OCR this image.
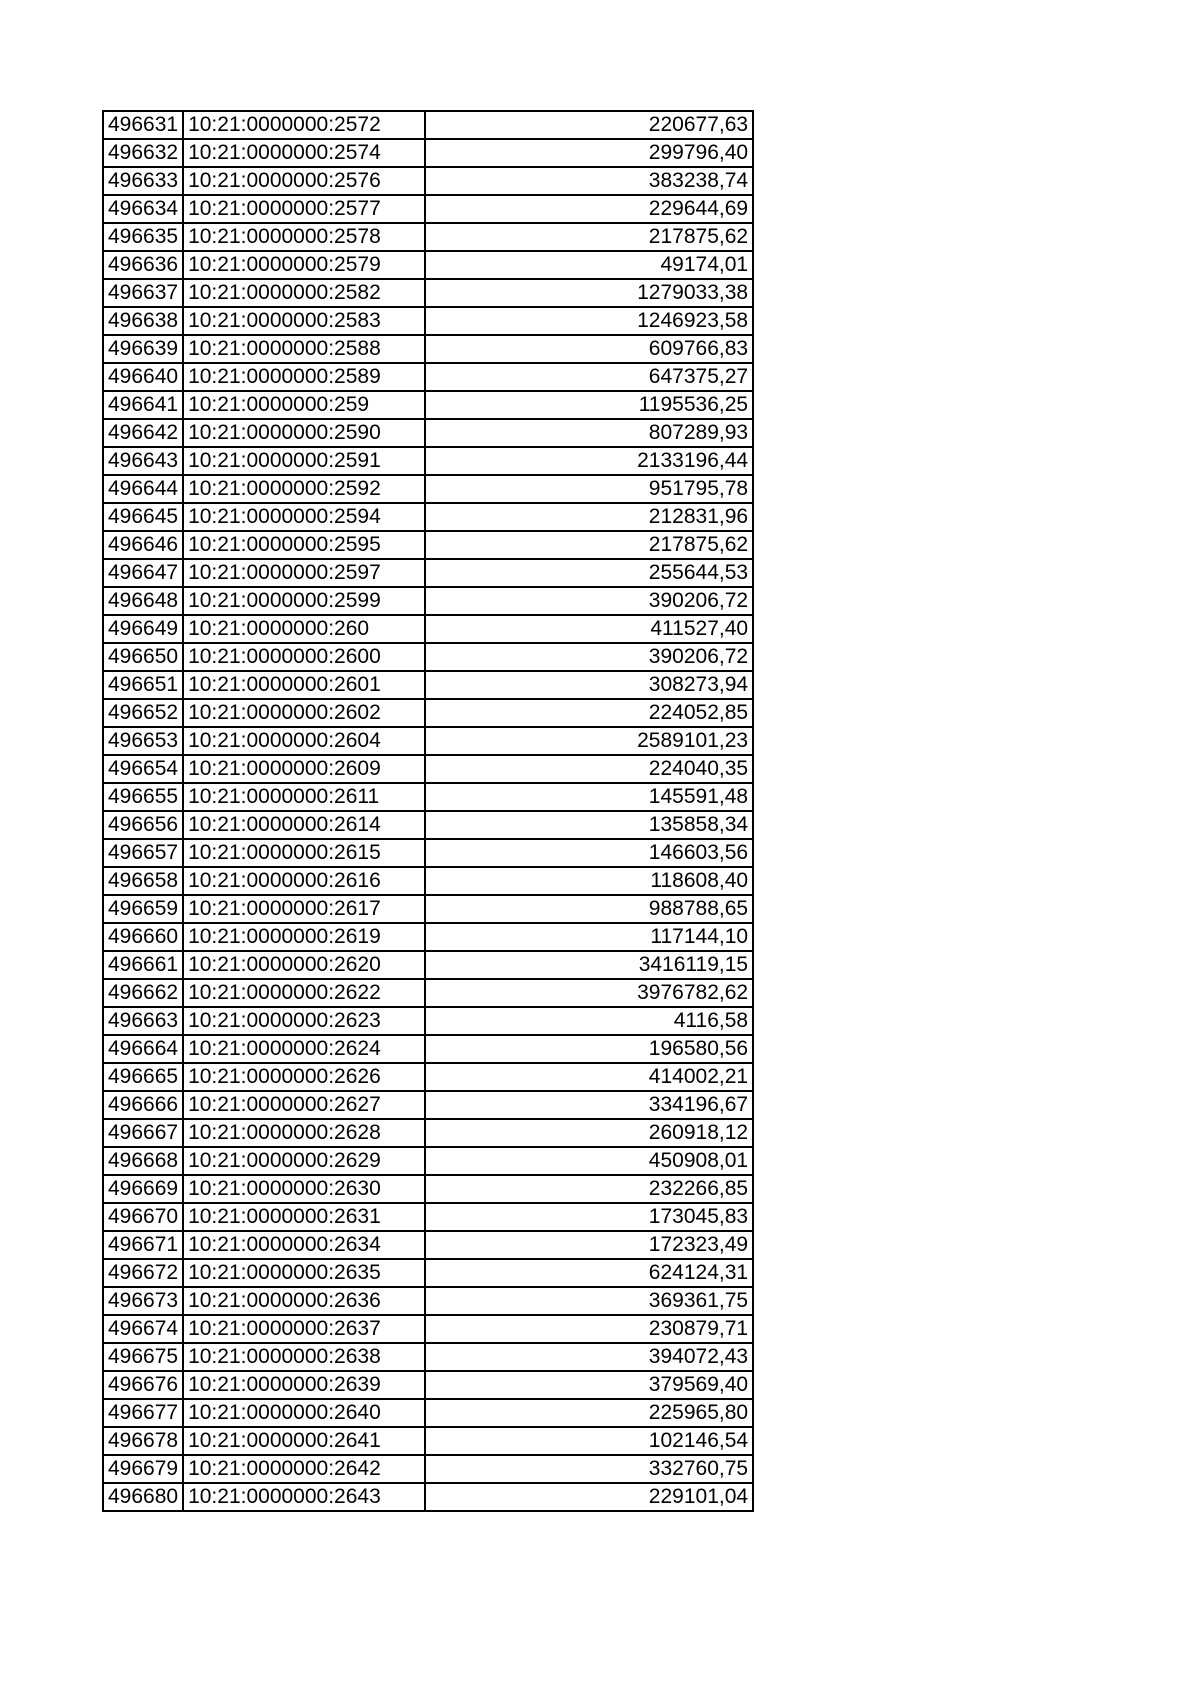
496631	10:21:0000000:2572	220677,63
496632	10:21:0000000:2574	299796,40
496633	10:21:0000000:2576	383238,74
496634	10:21:0000000:2577	229644,69
496635	10:21:0000000:2578	217875,62
496636	10:21:0000000:2579	49174,01
496637	10:21:0000000:2582	1279033,38
496638	10:21:0000000:2583	1246923,58
496639	10:21:0000000:2588	609766,83
496640	10:21:0000000:2589	647375,27
496641	10:21:0000000:259	1195536,25
496642	10:21:0000000:2590	807289,93
496643	10:21:0000000:2591	2133196,44
496644	10:21:0000000:2592	951795,78
496645	10:21:0000000:2594	212831,96
496646	10:21:0000000:2595	217875,62
496647	10:21:0000000:2597	255644,53
496648	10:21:0000000:2599	390206,72
496649	10:21:0000000:260	411527,40
496650	10:21:0000000:2600	390206,72
496651	10:21:0000000:2601	308273,94
496652	10:21:0000000:2602	224052,85
496653	10:21:0000000:2604	2589101,23
496654	10:21:0000000:2609	224040,35
496655	10:21:0000000:2611	145591,48
496656	10:21:0000000:2614	135858,34
496657	10:21:0000000:2615	146603,56
496658	10:21:0000000:2616	118608,40
496659	10:21:0000000:2617	988788,65
496660	10:21:0000000:2619	117144,10
496661	10:21:0000000:2620	3416119,15
496662	10:21:0000000:2622	3976782,62
496663	10:21:0000000:2623	4116,58
496664	10:21:0000000:2624	196580,56
496665	10:21:0000000:2626	414002,21
496666	10:21:0000000:2627	334196,67
496667	10:21:0000000:2628	260918,12
496668	10:21:0000000:2629	450908,01
496669	10:21:0000000:2630	232266,85
496670	10:21:0000000:2631	173045,83
496671	10:21:0000000:2634	172323,49
496672	10:21:0000000:2635	624124,31
496673	10:21:0000000:2636	369361,75
496674	10:21:0000000:2637	230879,71
496675	10:21:0000000:2638	394072,43
496676	10:21:0000000:2639	379569,40
496677	10:21:0000000:2640	225965,80
496678	10:21:0000000:2641	102146,54
496679	10:21:0000000:2642	332760,75
496680	10:21:0000000:2643	229101,04
